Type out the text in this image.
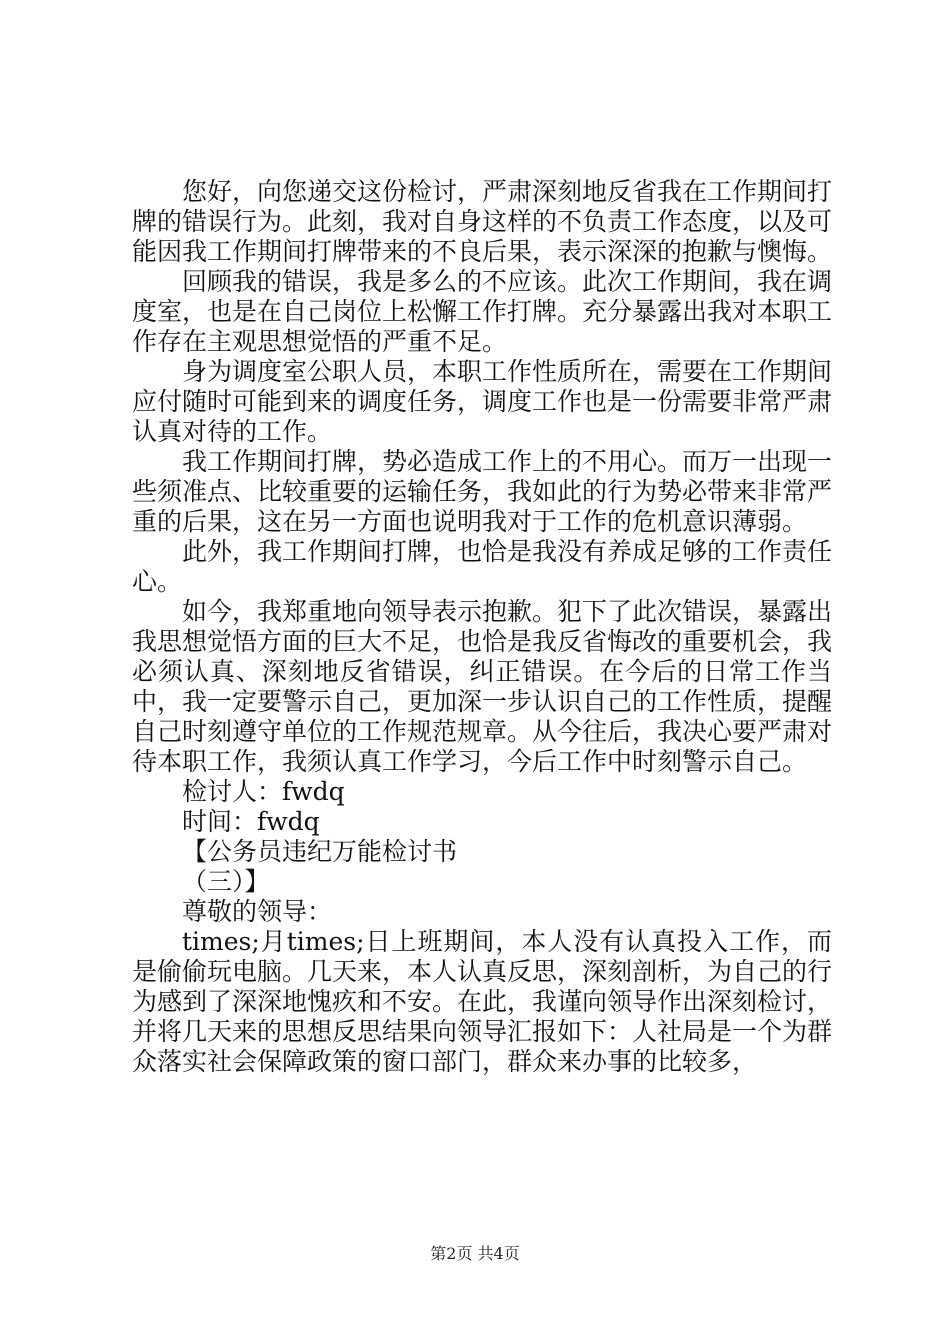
您好，向您递交这份检讨，严肃深刻地反省我在工作期间打牌的错误行为。此刻，我对自身这样的不负责工作态度，以及可能因我工作期间打牌带来的不良后果，表示深深的抱歉与懊悔。

回顾我的错误，我是多么的不应该。此次工作期间，我在调度室，也是在自己岗位上松懈工作打牌。充分暴露出我对本职工作存在主观思想觉悟的严重不足。

身为调度室公职人员，本职工作性质所在，需要在工作期间应付随时可能到来的调度任务，调度工作也是一份需要非常严肃认真对待的工作。

我工作期间打牌，势必造成工作上的不用心。而万一出现一些须准点、比较重要的运输任务，我如此的行为势必带来非常严重的后果，这在另一方面也说明我对于工作的危机意识薄弱。

此外，我工作期间打牌，也恰是我没有养成足够的工作责任心。

如今，我郑重地向领导表示抱歉。犯下了此次错误，暴露出我思想觉悟方面的巨大不足，也恰是我反省悔改的重要机会，我必须认真、深刻地反省错误，纠正错误。在今后的日常工作当中，我一定要警示自己，更加深一步认识自己的工作性质，提醒自己时刻遵守单位的工作规范规章。从今往后，我决心要严肃对待本职工作，我须认真工作学习，今后工作中时刻警示自己。

检讨人：fwdq

时间：fwdq

【公务员违纪万能检讨书

（三）】

尊敬的领导：

times;月times;日上班期间，本人没有认真投入工作，而是偷偷玩电脑。几天来，本人认真反思，深刻剖析，为自己的行为感到了深深地愧疚和不安。在此，我谨向领导作出深刻检讨，并将几天来的思想反思结果向领导汇报如下：人社局是一个为群众落实社会保障政策的窗口部门，群众来办事的比较多，

第2页 共4页
